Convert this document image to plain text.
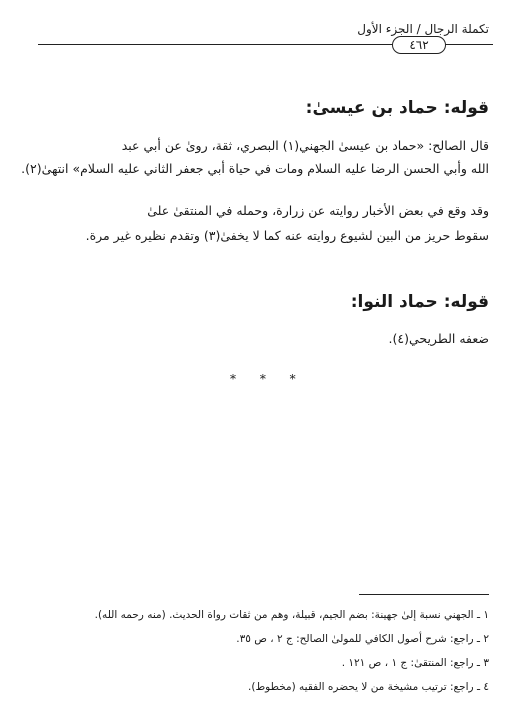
تكملة الرجال / الجزء الأول
٤٦٢
قوله: حماد بن عيسىٰ:
قال الصالح: «حماد بن عيسىٰ الجهني(١) البصري، ثقة، روىٰ عن أبي عبد
الله وأبي الحسن الرضا عليه السلام ومات في حياة أبي جعفر الثاني عليه السلام» انتهىٰ(٢).
وقد وقع في بعض الأخبار روايته عن زرارة، وحمله في المنتقىٰ علىٰ
سقوط حريز من البين لشيوع روايته عنه كما لا يخفىٰ(٣) وتقدم نظيره غير مرة.
قوله: حماد النوا:
ضعفه الطريحي(٤).
* * *
١ ـ الجهني نسبة إلىٰ جهينة: بضم الجيم، قبيلة، وهم من ثقات رواة الحديث. (منه رحمه الله).
٢ ـ راجع: شرح أصول الكافي للمولىٰ الصالح: ج ٢ ، ص ٣٥.
٣ ـ راجع: المنتقىٰ: ج ١ ، ص ١٢١ .
٤ ـ راجع: ترتيب مشيخة من لا يحضره الفقيه (مخطوط).
